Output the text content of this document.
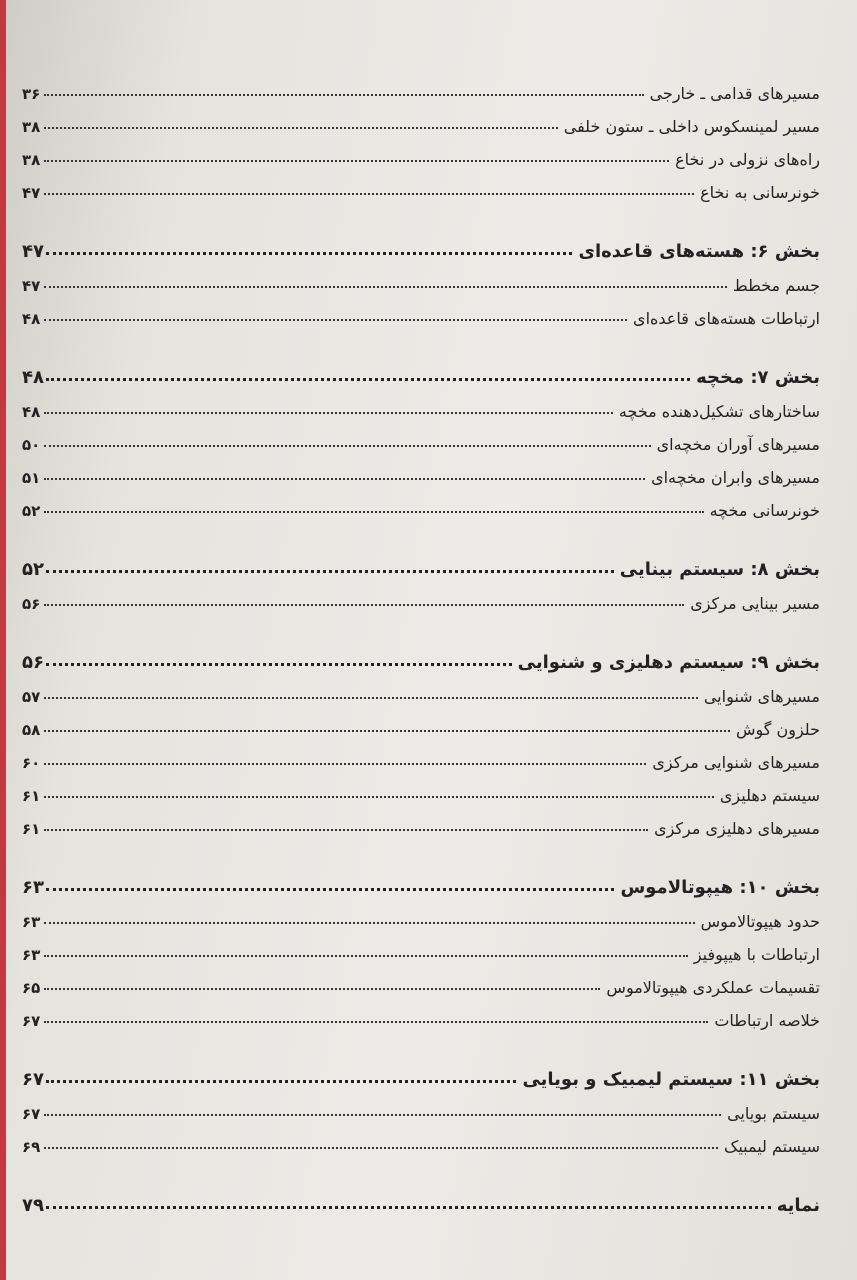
مسیرهای قدامی ـ خارجی
۳۶
مسیر لمینسکوس داخلی ـ ستون خلفی
۳۸
راه‌های نزولی در نخاع
۳۸
خونرسانی به نخاع
۴۷
بخش ۶: هسته‌های قاعده‌ای
۴۷
جسم مخطط
۴۷
ارتباطات هسته‌های قاعده‌ای
۴۸
بخش ۷: مخچه
۴۸
ساختارهای تشکیل‌دهنده مخچه
۴۸
مسیرهای آوران مخچه‌ای
۵۰
مسیرهای وابران مخچه‌ای
۵۱
خونرسانی مخچه
۵۲
بخش ۸: سیستم بینایی
۵۲
مسیر بینایی مرکزی
۵۶
بخش ۹: سیستم دهلیزی و شنوایی
۵۶
مسیرهای شنوایی
۵۷
حلزون گوش
۵۸
مسیرهای شنوایی مرکزی
۶۰
سیستم دهلیزی
۶۱
مسیرهای دهلیزی مرکزی
۶۱
بخش ۱۰: هیپوتالاموس
۶۳
حدود هیپوتالاموس
۶۳
ارتباطات با هیپوفیز
۶۳
تقسیمات عملکردی هیپوتالاموس
۶۵
خلاصه ارتباطات
۶۷
بخش ۱۱: سیستم لیمبیک و بویایی
۶۷
سیستم بویایی
۶۷
سیستم لیمبیک
۶۹
نمایه
۷۹
